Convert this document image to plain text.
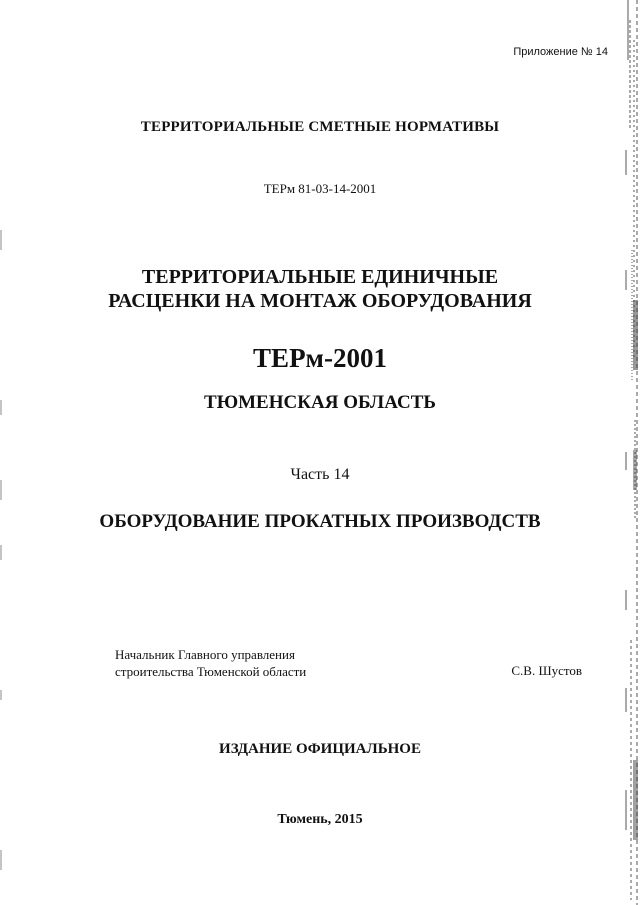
Приложение № 14
ТЕРРИТОРИАЛЬНЫЕ СМЕТНЫЕ НОРМАТИВЫ
ТЕРм 81-03-14-2001
ТЕРРИТОРИАЛЬНЫЕ ЕДИНИЧНЫЕ
РАСЦЕНКИ НА МОНТАЖ ОБОРУДОВАНИЯ
ТЕРм-2001
ТЮМЕНСКАЯ ОБЛАСТЬ
Часть 14
ОБОРУДОВАНИЕ ПРОКАТНЫХ ПРОИЗВОДСТВ
Начальник Главного управления
строительства Тюменской области	С.В. Шустов
ИЗДАНИЕ ОФИЦИАЛЬНОЕ
Тюмень, 2015
